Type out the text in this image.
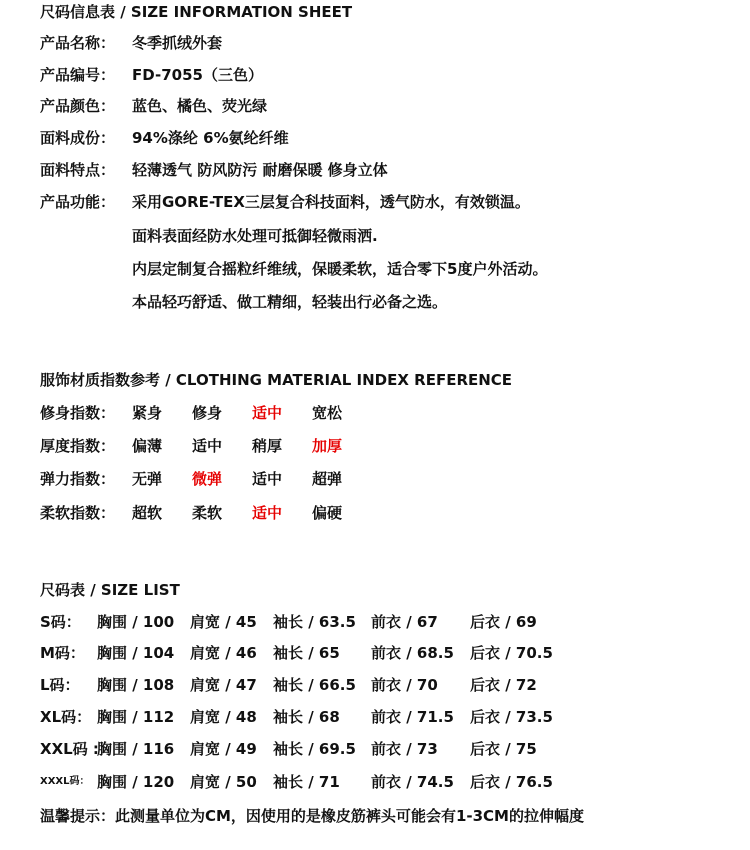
尺码信息表 / SIZE INFORMATION SHEET
产品名称： 冬季抓绒外套
产品编号： FD-7055（三色）
产品颜色： 蓝色、橘色、荧光绿
面料成份： 94%涤纶 6%氨纶纤维
面料特点： 轻薄透气 防风防污 耐磨保暖 修身立体
产品功能： 采用GORE-TEX三层复合科技面料，透气防水，有效锁温。
面料表面经防水处理可抵御轻微雨洒.
内层定制复合摇粒纤维绒，保暖柔软，适合零下5度户外活动。
本品轻巧舒适、做工精细，轻装出行必备之选。
服饰材质指数参考 / CLOTHING MATERIAL INDEX REFERENCE
修身指数： 紧身 修身 适中 宽松
厚度指数： 偏薄 适中 稍厚 加厚
弹力指数： 无弹 微弹 适中 超弹
柔软指数： 超软 柔软 适中 偏硬
尺码表 / SIZE LIST
温馨提示：此测量单位为CM，因使用的是橡皮筋裤头可能会有1-3CM的拉伸幅度
S码： 胸围 / 100 肩宽 / 45 袖长 / 63.5 前衣 / 67 后衣 / 69
M码： 胸围 / 104 肩宽 / 46 袖长 / 65 前衣 / 68.5 后衣 / 70.5
L码： 胸围 / 108 肩宽 / 47 袖长 / 66.5 前衣 / 70 后衣 / 72
XL码： 胸围 / 112 肩宽 / 48 袖长 / 68 前衣 / 71.5 后衣 / 73.5
XXL码 :
胸围 / 116 肩宽 / 49 袖长 / 69.5 前衣 / 73 后衣 / 75
XXXL码： 胸围 / 120 肩宽 / 50 袖长 / 71 前衣 / 74.5 后衣 / 76.5
